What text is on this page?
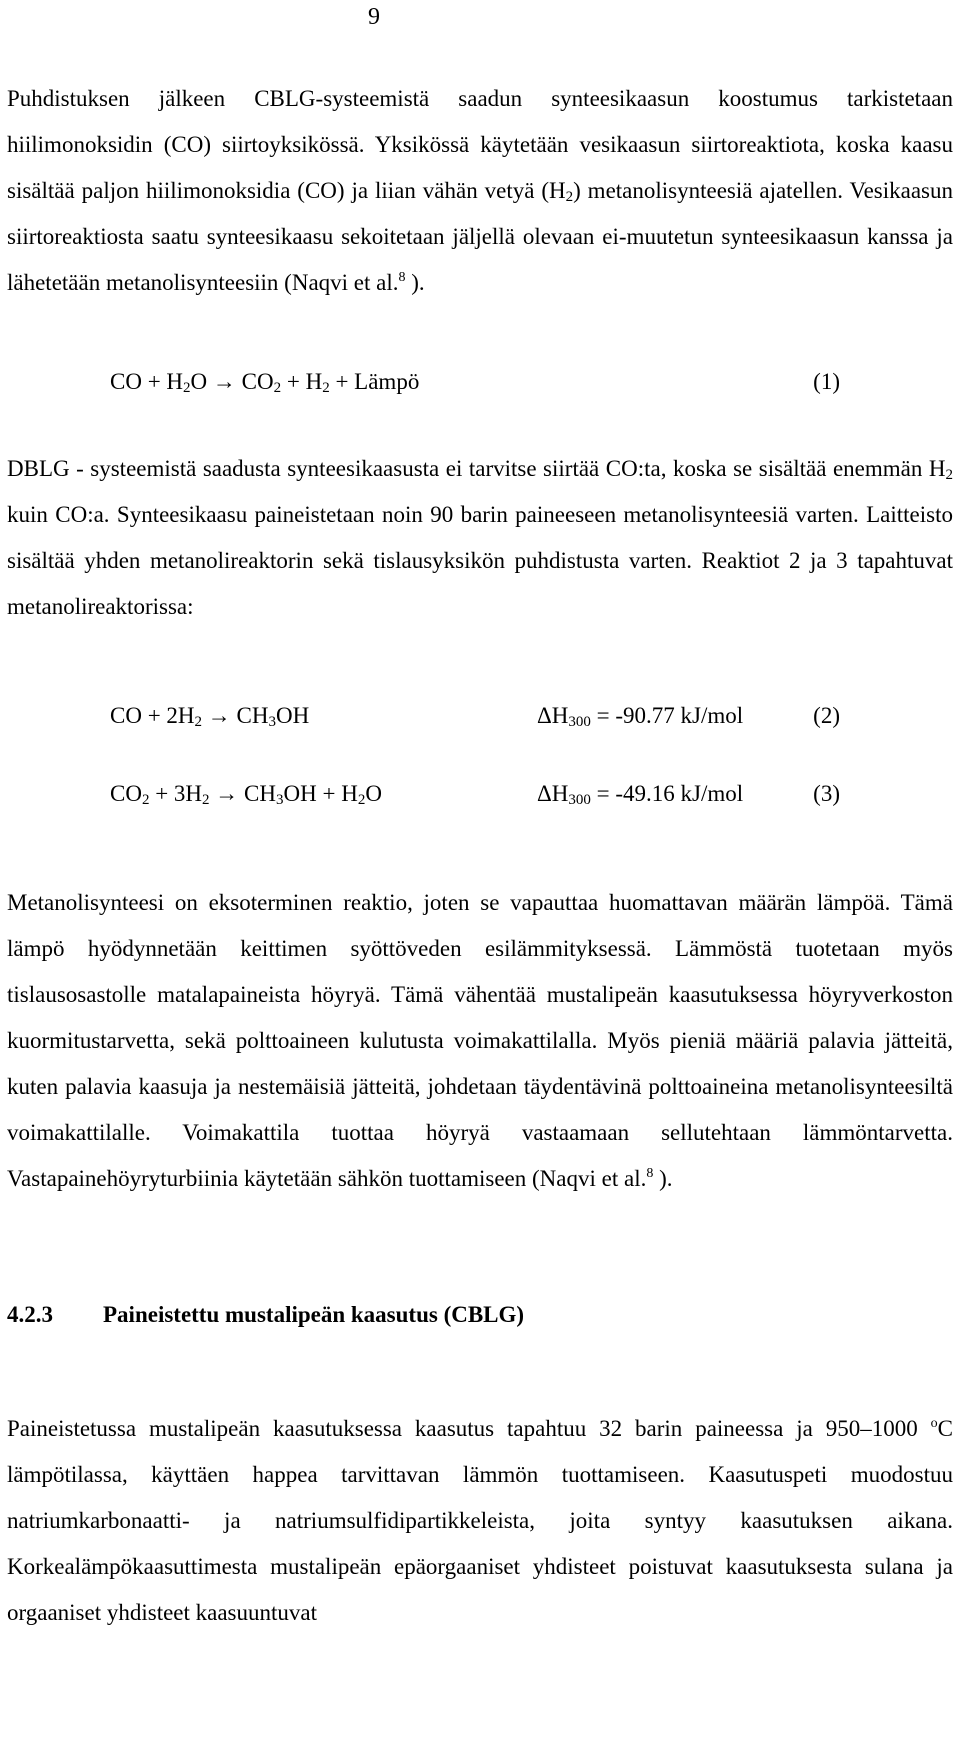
9

Puhdistuksen jälkeen CBLG-systeemistä saadun synteesikaasun koostumus tarkistetaan hiilimonoksidin (CO) siirtoyksikössä. Yksikössä käytetään vesikaasun siirtoreaktiota, koska kaasu sisältää paljon hiilimonoksidia (CO) ja liian vähän vetyä $(H_2)$ metanolisynteesiä ajatellen. Vesikaasun siirtoreaktiosta saatu synteesikaasu sekoitetaan jäljellä olevaan ei-muutetun synteesikaasun kanssa ja lähetetään metanolisynteesiin (Naqvi et al.$^8$ ).

CO + $H_2O \to CO_2 + H_2$ + Lämpö	(1)

DBLG - systeemistä saadusta synteesikaasusta ei tarvitse siirtää CO:ta, koska se sisältää enemmän $H_2$ kuin CO:a. Synteesikaasu paineistetaan noin 90 barin paineeseen metanolisynteesiä varten. Laitteisto sisältää yhden metanolireaktorin sekä tislausyksikön puhdistusta varten. Reaktiot 2 ja 3 tapahtuvat metanolireaktorissa:

CO + $2H_2 \to CH_3OH$	$\Delta H_{300} = -90.77$ kJ/mol	(2)
$CO_2 + 3H_2 \to CH_3OH + H_2O$	$\Delta H_{300} = -49.16$ kJ/mol	(3)

Metanolisynteesi on eksoterminen reaktio, joten se vapauttaa huomattavan määrän lämpöä. Tämä lämpö hyödynnetään keittimen syöttöveden esilämmityksessä. Lämmöstä tuotetaan myös tislausosastolle matalapaineista höyryä. Tämä vähentää mustalipeän kaasutuksessa höyryverkoston kuormitustarvetta, sekä polttoaineen kulutusta voimakattilalla. Myös pieniä määriä palavia jätteitä, kuten palavia kaasuja ja nestemäisiä jätteitä, johdetaan täydentävinä polttoaineina metanolisynteesiltä voimakattilalle. Voimakattila tuottaa höyryä vastaamaan sellutehtaan lämmöntarvetta. Vastapainehöyryturbiinia käytetään sähkön tuottamiseen (Naqvi et al.$^8$ ).

4.2.3 Paineistettu mustalipeän kaasutus (CBLG)

Paineistetussa mustalipeän kaasutuksessa kaasutus tapahtuu 32 barin paineessa ja 950–1000 $^o$C lämpötilassa, käyttäen happea tarvittavan lämmön tuottamiseen. Kaasutuspeti muodostuu natriumkarbonaatti- ja natriumsulfidipartikkeleista, joita syntyy kaasutuksen aikana. Korkealämpökaasuttimesta mustalipeän epäorgaaniset yhdisteet poistuvat kaasutuksesta sulana ja orgaaniset yhdisteet kaasuuntuvat
